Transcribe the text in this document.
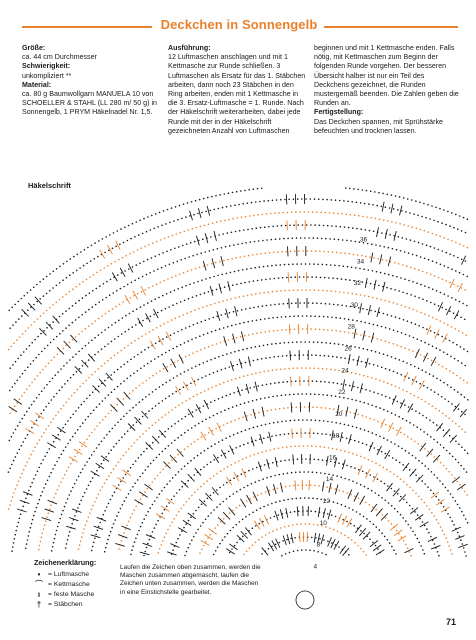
Deckchen in Sonnengelb

Größe:

ca. 44 cm Durchmesser

Schwierigkeit:

unkompliziert **

Material:

ca. 80 g Baumwollgarn MANUELA 10 von SCHOELLER & STAHL (LL 280 m/ 50 g) in Sonnengelb, 1 PRYM Häkelnadel Nr. 1,5.

Ausführung:

12 Luftmaschen anschlagen und mit 1 Kettmasche zur Runde schließen. 3 Luftmaschen als Ersatz für das 1. Stäbchen arbeiten, dann noch 23 Stäbchen in den Ring arbeiten, enden mit 1 Kettmasche in die 3. Ersatz-Luftmasche = 1. Runde. Nach der Häkelschrift weiterarbeiten, dabei jede Runde mit der in der Häkelschrift gezeichneten Anzahl von Luftmaschen

beginnen und mit 1 Kettmasche enden. Falls nötig, mit Kettmaschen zum Beginn der folgenden Runde vorgehen. Der besseren Übersicht halber ist nur ein Teil des Deckchens gezeichnet, die Runden mustergemäß beenden. Die Zahlen geben die Runden an.

Fertigstellung:

Das Deckchen spannen, mit Sprühstärke befeuchten und trocknen lassen.

Häkelschrift
4
8
10
12
14
16
18
20
22
24
26
28
30
32
34
36
Zeichenerklärung:
•	= Luftmasche
⌒ = Kettmasche
ı	= feste Masche
† = Stäbchen
Laufen die Zeichen oben zusammen, werden die Maschen zusammen abgemascht, laufen die Zeichen unten zusammen, werden die Maschen in eine Einstichstelle gearbeitet.
71
